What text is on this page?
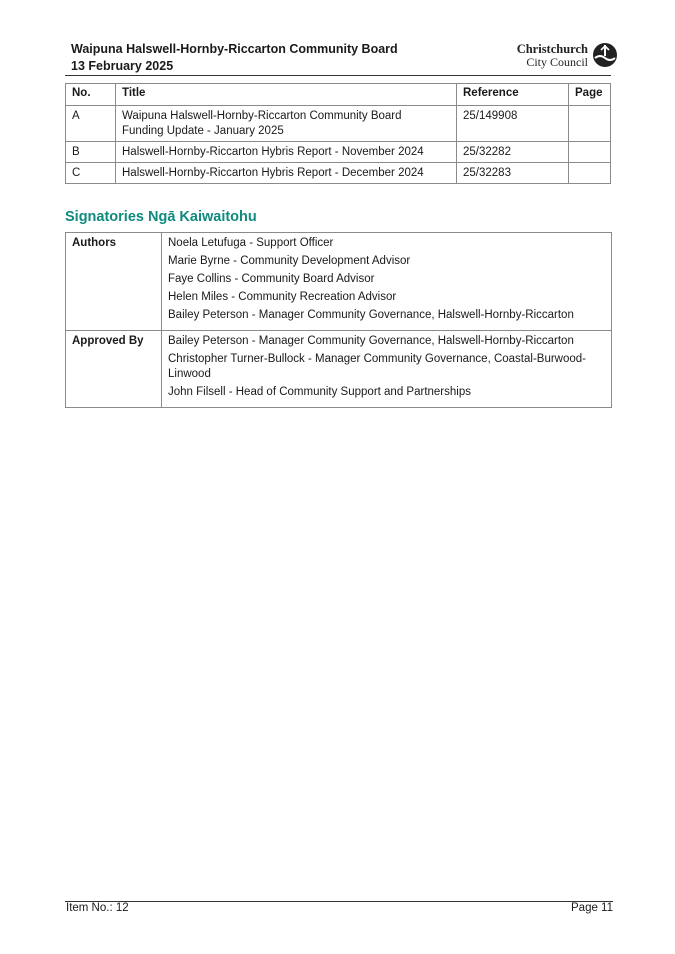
Waipuna Halswell-Hornby-Riccarton Community Board
13 February 2025
Christchurch
City Council
No.	Title	Reference	Page
A	Waipuna Halswell-Hornby-Riccarton Community Board
Funding Update - January 2025	25/149908	
B	Halswell-Hornby-Riccarton Hybris Report - November 2024	25/32282	
C	Halswell-Hornby-Riccarton Hybris Report - December 2024	25/32283	
Signatories Ngā Kaiwaitohu
Authors	Noela Letufuga - Support Officer
Marie Byrne - Community Development Advisor
Faye Collins - Community Board Advisor
Helen Miles - Community Recreation Advisor
Bailey Peterson - Manager Community Governance, Halswell-Hornby-Riccarton

Approved By	Bailey Peterson - Manager Community Governance, Halswell-Hornby-Riccarton
Christopher Turner-Bullock - Manager Community Governance, Coastal-Burwood-Linwood
John Filsell - Head of Community Support and Partnerships
Item No.: 12	Page 11
